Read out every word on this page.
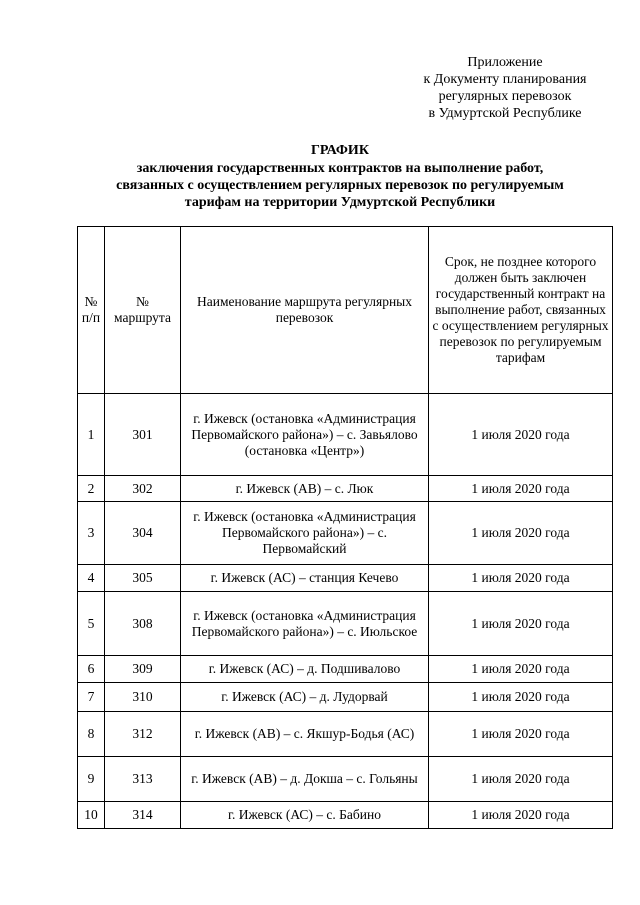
Приложение
к Документу планирования
регулярных перевозок
в Удмуртской Республике
ГРАФИК
заключения государственных контрактов на выполнение работ,
связанных с осуществлением регулярных перевозок по регулируемым
тарифам на территории Удмуртской Республики
№ п/п	№ маршрута	Наименование маршрута регулярных перевозок	Срок, не позднее которого должен быть заключен государственный контракт на выполнение работ, связанных с осуществлением регулярных перевозок по регулируемым тарифам
1	301	г. Ижевск (остановка «Администрация Первомайского района») – с. Завьялово (остановка «Центр»)	1 июля 2020 года
2	302	г. Ижевск (АВ) – с. Люк	1 июля 2020 года
3	304	г. Ижевск (остановка «Администрация Первомайского района») – с. Первомайский	1 июля 2020 года
4	305	г. Ижевск (АС) – станция Кечево	1 июля 2020 года
5	308	г. Ижевск (остановка «Администрация Первомайского района») – с. Июльское	1 июля 2020 года
6	309	г. Ижевск (АС) – д. Подшивалово	1 июля 2020 года
7	310	г. Ижевск (АС) – д. Лудорвай	1 июля 2020 года
8	312	г. Ижевск (АВ) – с. Якшур-Бодья (АС)	1 июля 2020 года
9	313	г. Ижевск (АВ) – д. Докша – с. Гольяны	1 июля 2020 года
10	314	г. Ижевск (АС) – с. Бабино	1 июля 2020 года
